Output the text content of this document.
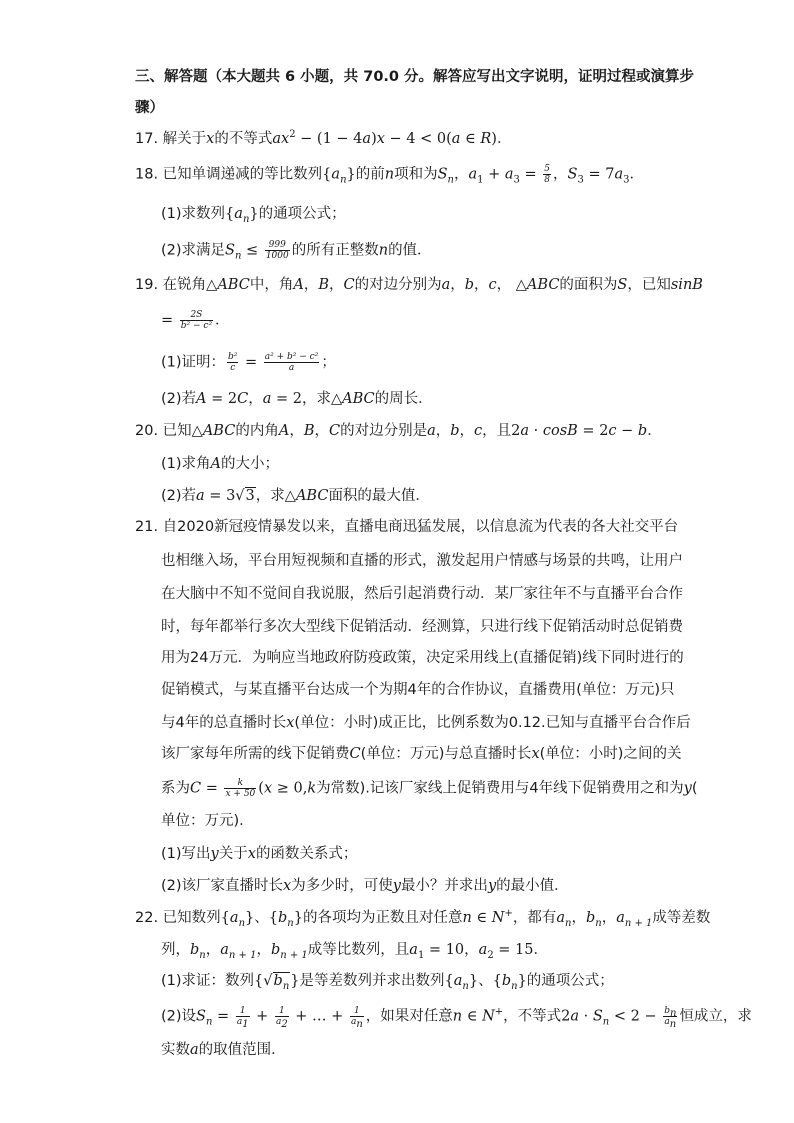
三、解答题（本大题共 6 小题，共 70.0 分。解答应写出文字说明，证明过程或演算步
骤）
17. 解关于x的不等式$ax^2 - (1 - 4a)x - 4 < 0(a$ ∈ R)．
18. 已知单调递减的等比数列$\{a_n\}$的前n项和为$S_n$，$a_1 + a_3 = \frac{5}{8}$ ，$S_3 = 7a_3$．
(1)求数列$\{a_n\}$的通项公式；
(2)求满足$S_n \le \frac{999}{1000}$ 的所有正整数n的值．
19. 在锐角△ABC中，角A，B，C的对边分别为a，b，c， △ABC的面积为S，已知sinB
= $\frac{2S}{\text{b² − c²}}$ ．
(1)证明： $\frac{\text{b²}}{c} = \frac{\text{a² + b² − c²}}{a}$ ；
(2)若A = 2C，a = 2，求△ABC的周长．
20. 已知△ABC的内角A，B，C的对边分别是a，b，c，且2a · cosB = 2c − b．
(1)求角A的大小；
(2)若a = 3√3，求△ABC面积的最大值．
21. 自2020新冠疫情暴发以来，直播电商迅猛发展，以信息流为代表的各大社交平台
也相继入场，平台用短视频和直播的形式，激发起用户情感与场景的共鸣，让用户
在大脑中不知不觉间自我说服，然后引起消费行动．某厂家往年不与直播平台合作
时，每年都举行多次大型线下促销活动．经测算，只进行线下促销活动时总促销费
用为24万元．为响应当地政府防疫政策，决定采用线上(直播促销)线下同时进行的
促销模式，与某直播平台达成一个为期4年的合作协议，直播费用(单位：万元)只
与4年的总直播时长x(单位：小时)成正比，比例系数为0.12.已知与直播平台合作后
该厂家每年所需的线下促销费C(单位：万元)与总直播时长x(单位：小时)之间的关
系为$C = \frac{k}{x + 50} (x \ge 0,k$为常数).记该厂家线上促销费用与4年线下促销费用之和为y(
单位：万元)．
(1)写出y关于x的函数关系式；
(2)该厂家直播时长x为多少时，可使y最小？并求出y的最小值．
22. 已知数列$\{a_n\}$、$\{b_n\}$的各项均为正数且对任意n ∈ N+，都有$a_n$，$b_n$，$a_{n + 1}$成等差数
列，$b_n$，$a_{n + 1}$，$b_{n + 1}$成等比数列，且$a_1 = 10$，$a_2 = 15$．
(1)求证：数列$\{√b_n\}$是等差数列并求出数列$\{a_n\}$、$\{b_n\}$的通项公式；
(2)设$S_n = \frac{1}{a_1} + \frac{1}{a_2}$ + … + $\frac{1}{a_n}$ ，如果对任意n ∈ N+，不等式$2a \cdot S_n < 2 - \frac{b_n}{a_n}$ 恒成立，求
实数a的取值范围．
